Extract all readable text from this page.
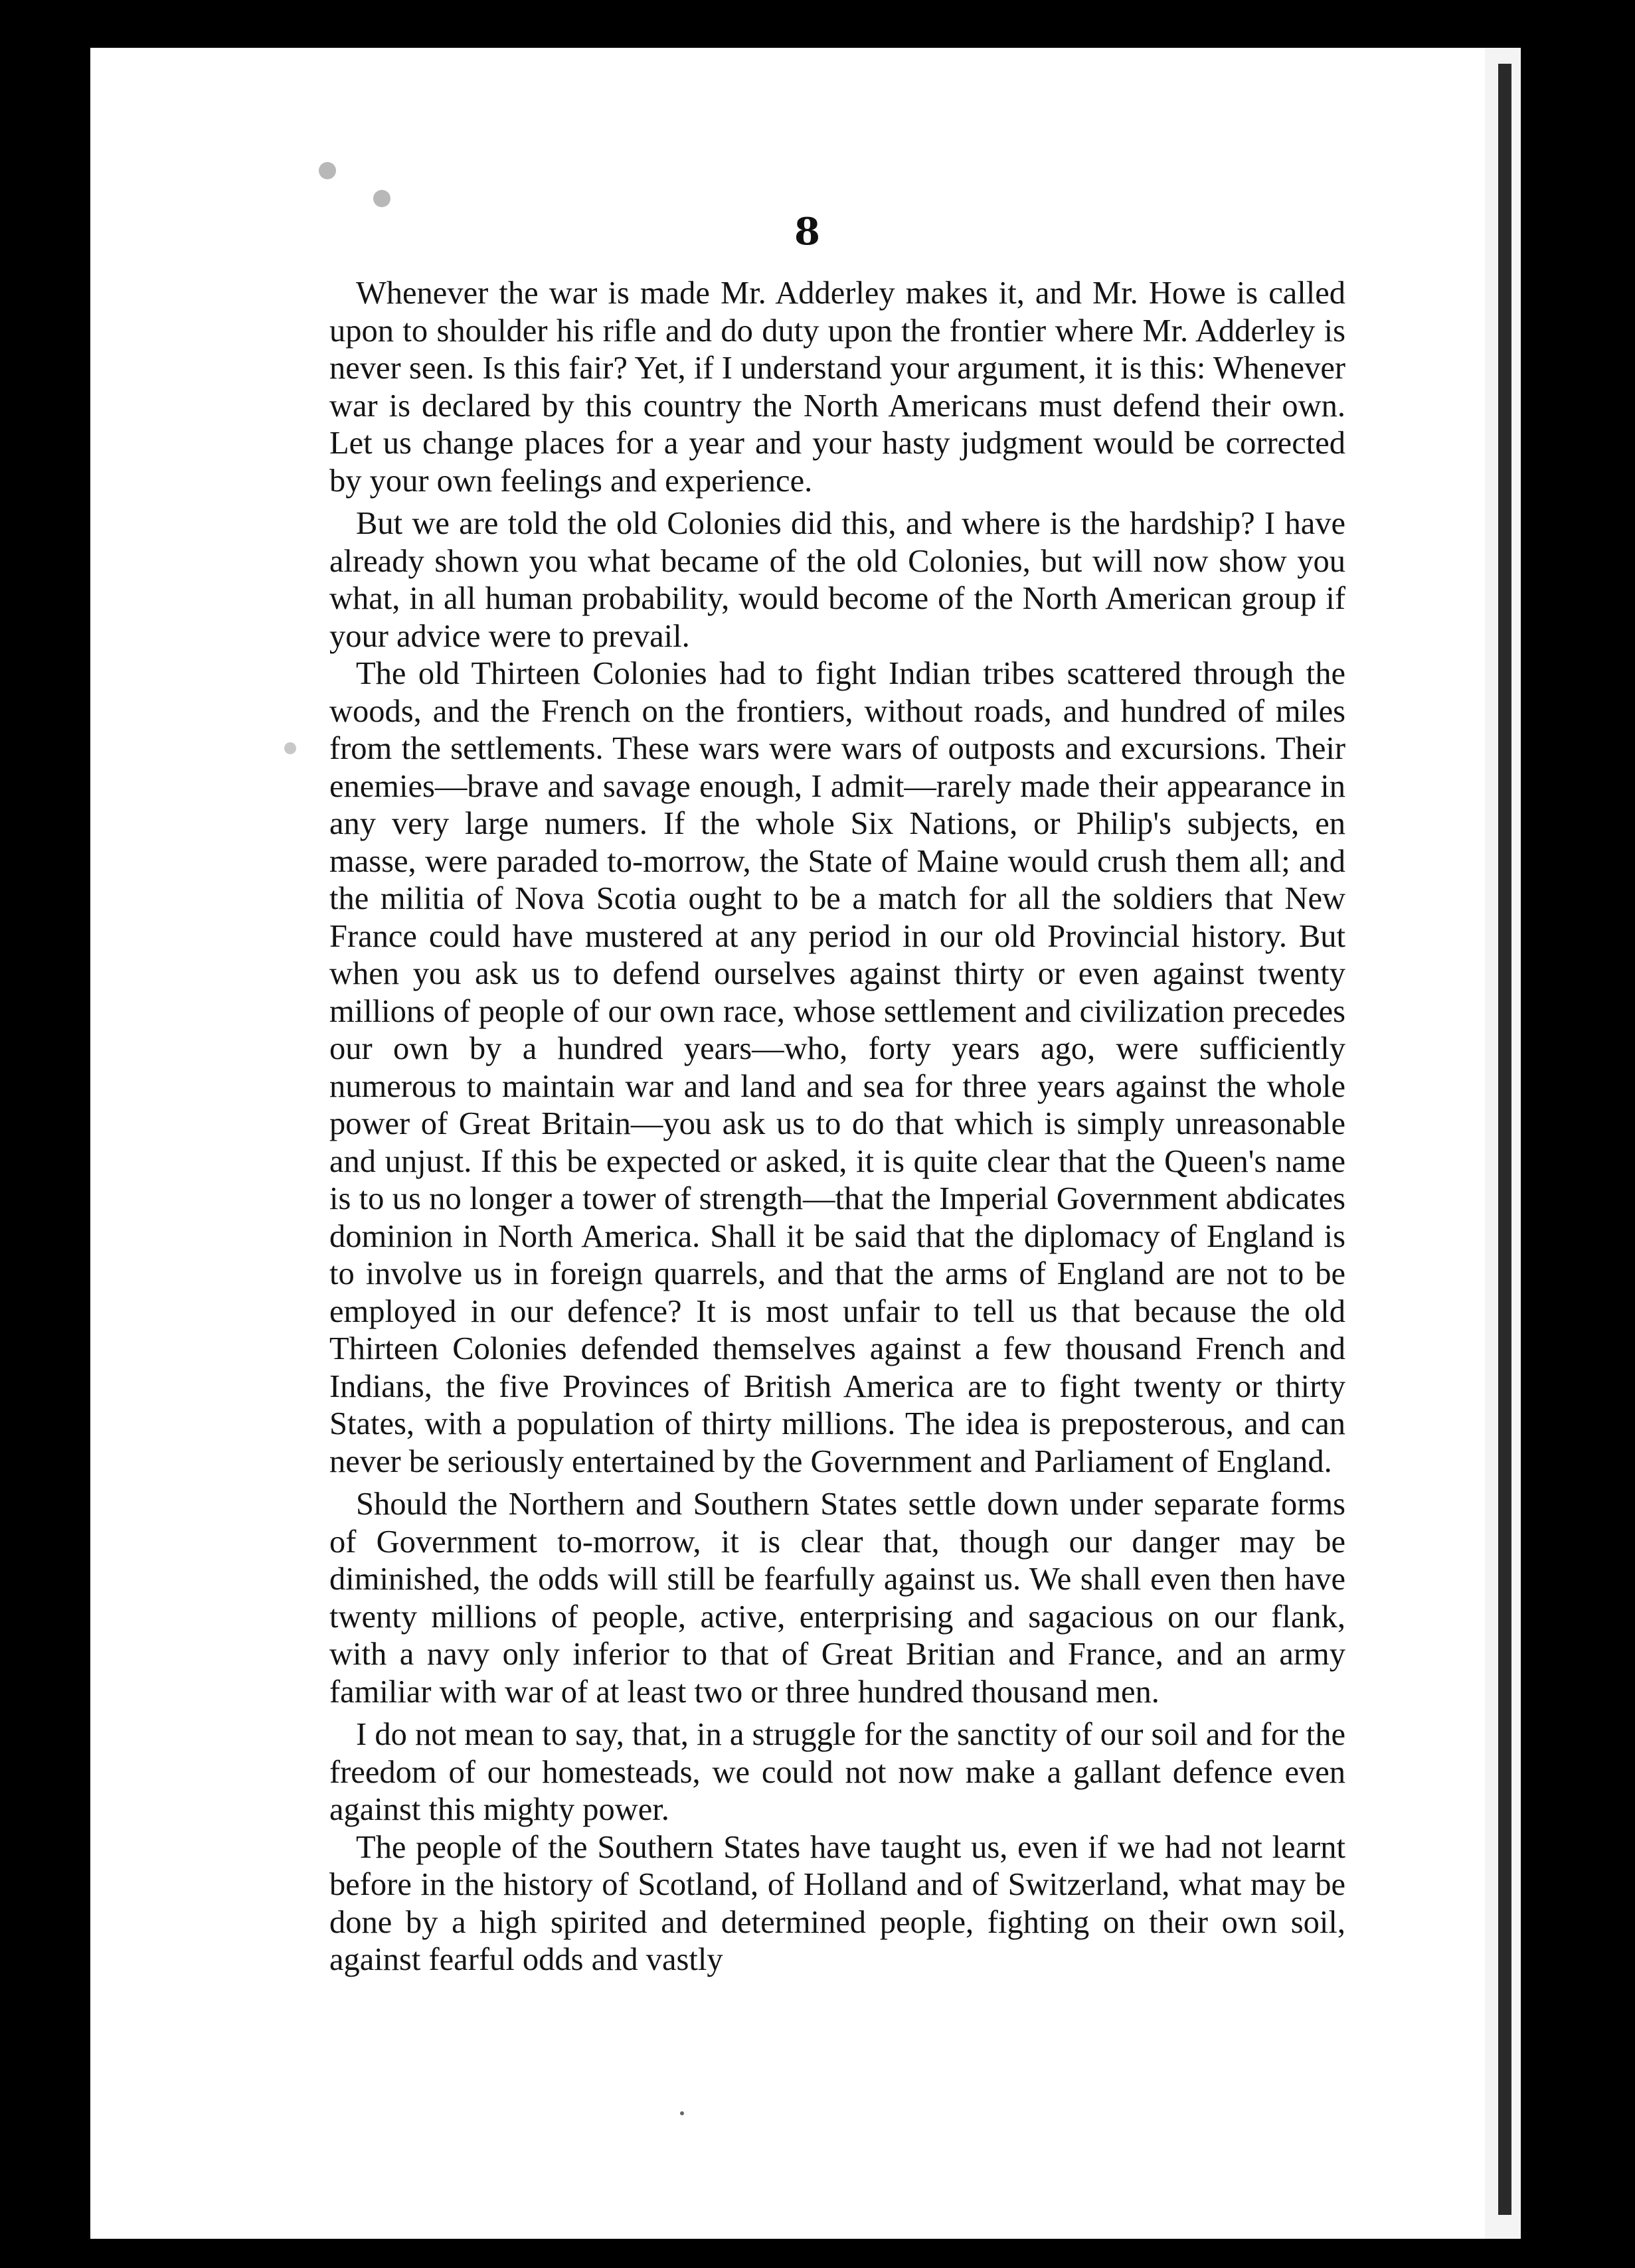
8

Whenever the war is made Mr. Adderley makes it, and Mr. Howe is called upon to shoulder his rifle and do duty upon the frontier where Mr. Adderley is never seen. Is this fair? Yet, if I understand your argument, it is this: Whenever war is declared by this country the North Americans must defend their own. Let us change places for a year and your hasty judgment would be corrected by your own feelings and experience.

But we are told the old Colonies did this, and where is the hardship? I have already shown you what became of the old Colonies, but will now show you what, in all human probability, would become of the North American group if your advice were to prevail.

The old Thirteen Colonies had to fight Indian tribes scattered through the woods, and the French on the frontiers, without roads, and hundred of miles from the settlements. These wars were wars of outposts and excursions. Their enemies—brave and savage enough, I admit—rarely made their appearance in any very large numers. If the whole Six Nations, or Philip's subjects, en masse, were paraded to-morrow, the State of Maine would crush them all; and the militia of Nova Scotia ought to be a match for all the soldiers that New France could have mustered at any period in our old Provincial history. But when you ask us to defend ourselves against thirty or even against twenty millions of people of our own race, whose settlement and civilization precedes our own by a hundred years—who, forty years ago, were sufficiently numerous to maintain war and land and sea for three years against the whole power of Great Britain—you ask us to do that which is simply unreasonable and unjust. If this be expected or asked, it is quite clear that the Queen's name is to us no longer a tower of strength—that the Imperial Government abdicates dominion in North America. Shall it be said that the diplomacy of England is to involve us in foreign quarrels, and that the arms of England are not to be employed in our defence? It is most unfair to tell us that because the old Thirteen Colonies defended themselves against a few thousand French and Indians, the five Provinces of British America are to fight twenty or thirty States, with a population of thirty millions. The idea is preposterous, and can never be seriously entertained by the Government and Parliament of England.

Should the Northern and Southern States settle down under separate forms of Government to-morrow, it is clear that, though our danger may be diminished, the odds will still be fearfully against us. We shall even then have twenty millions of people, active, enterprising and sagacious on our flank, with a navy only inferior to that of Great Britian and France, and an army familiar with war of at least two or three hundred thousand men.

I do not mean to say, that, in a struggle for the sanctity of our soil and for the freedom of our homesteads, we could not now make a gallant defence even against this mighty power.

The people of the Southern States have taught us, even if we had not learnt before in the history of Scotland, of Holland and of Switzerland, what may be done by a high spirited and determined people, fighting on their own soil, against fearful odds and vastly
